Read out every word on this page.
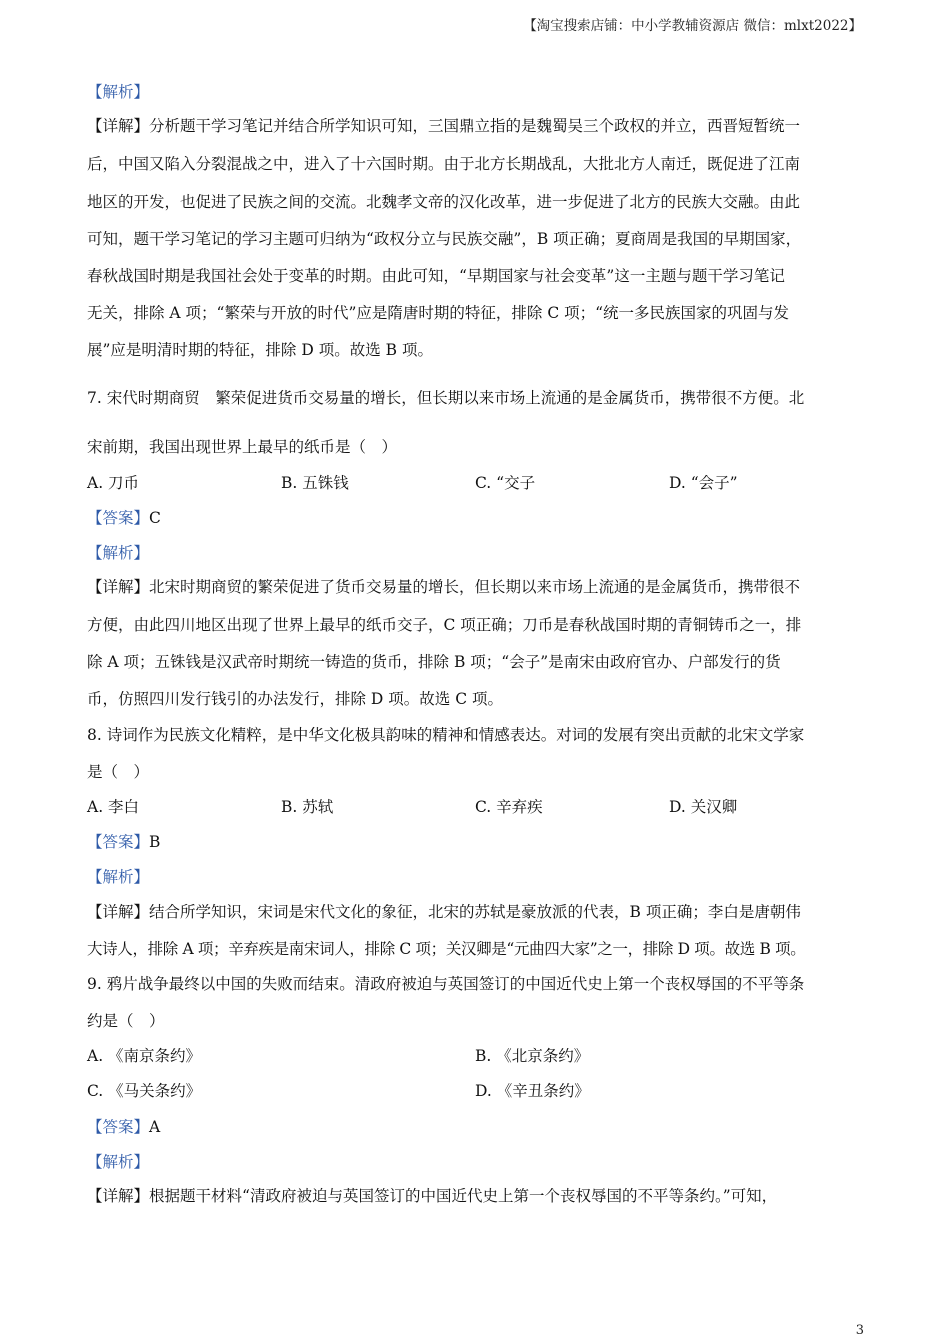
【淘宝搜索店铺：中小学教辅资源店 微信：mlxt2022】
【解析】
【详解】分析题干学习笔记并结合所学知识可知，三国鼎立指的是魏蜀吴三个政权的并立，西晋短暂统一
后，中国又陷入分裂混战之中，进入了十六国时期。由于北方长期战乱，大批北方人南迁，既促进了江南
地区的开发，也促进了民族之间的交流。北魏孝文帝的汉化改革，进一步促进了北方的民族大交融。由此
可知，题干学习笔记的学习主题可归纳为“政权分立与民族交融”，B 项正确；夏商周是我国的早期国家，
春秋战国时期是我国社会处于变革的时期。由此可知，“早期国家与社会变革”这一主题与题干学习笔记
无关，排除 A 项；“繁荣与开放的时代”应是隋唐时期的特征，排除 C 项；“统一多民族国家的巩固与发
展”应是明清时期的特征，排除 D 项。故选 B 项。
7. 宋代时期商贸　繁荣促进货币交易量的增长，但长期以来市场上流通的是金属货币，携带很不方便。北
宋前期，我国出现世界上最早的纸币是（　）
A. 刀币	B. 五铢钱	C. “交子	D. “会子”
【答案】C
【解析】
【详解】北宋时期商贸的繁荣促进了货币交易量的增长，但长期以来市场上流通的是金属货币，携带很不
方便，由此四川地区出现了世界上最早的纸币交子，C 项正确；刀币是春秋战国时期的青铜铸币之一，排
除 A 项；五铢钱是汉武帝时期统一铸造的货币，排除 B 项；“会子”是南宋由政府官办、户部发行的货
币，仿照四川发行钱引的办法发行，排除 D 项。故选 C 项。
8. 诗词作为民族文化精粹，是中华文化极具韵味的精神和情感表达。对词的发展有突出贡献的北宋文学家
是（　）
A. 李白	B. 苏轼	C. 辛弃疾	D. 关汉卿
【答案】B
【解析】
【详解】结合所学知识，宋词是宋代文化的象征，北宋的苏轼是豪放派的代表，B 项正确；李白是唐朝伟
大诗人，排除 A 项；辛弃疾是南宋词人，排除 C 项；关汉卿是“元曲四大家”之一，排除 D 项。故选 B 项。
9. 鸦片战争最终以中国的失败而结束。清政府被迫与英国签订的中国近代史上第一个丧权辱国的不平等条
约是（　）
A. 《南京条约》	B. 《北京条约》
C. 《马关条约》	D. 《辛丑条约》
【答案】A
【解析】
【详解】根据题干材料“清政府被迫与英国签订的中国近代史上第一个丧权辱国的不平等条约。”可知，
3
